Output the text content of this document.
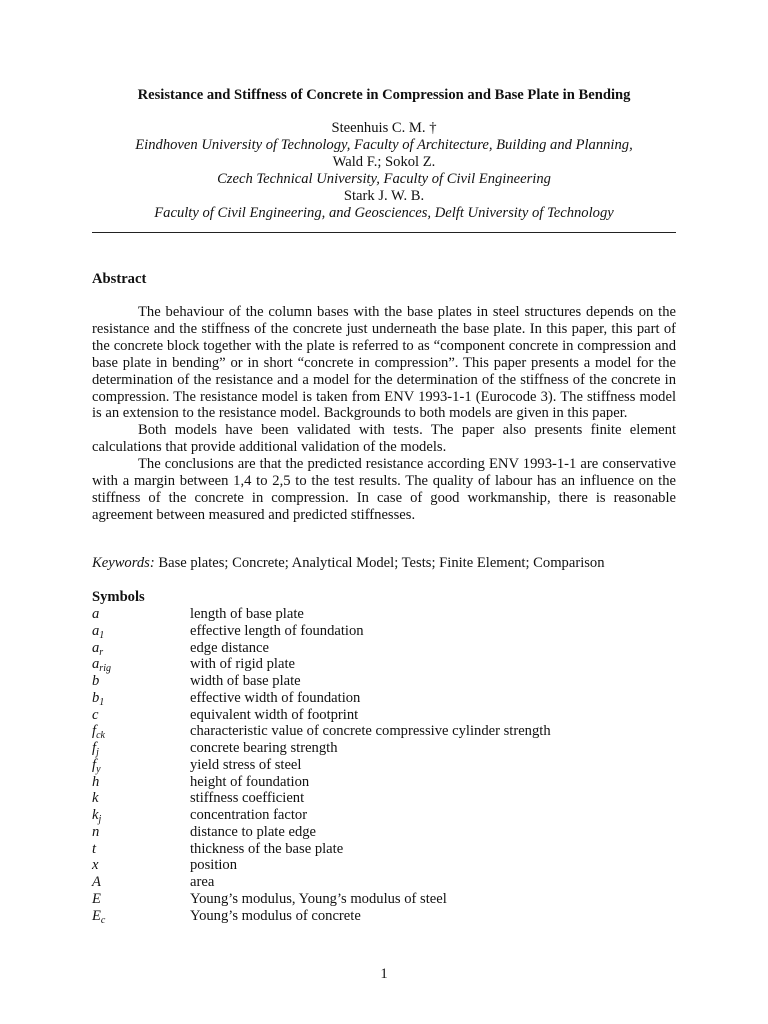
Resistance and Stiffness of Concrete in Compression and Base Plate in Bending
Steenhuis C. M. †
Eindhoven University of Technology, Faculty of Architecture, Building and Planning,
Wald F.; Sokol Z.
Czech Technical University, Faculty of Civil Engineering
Stark J. W. B.
Faculty of Civil Engineering, and Geosciences, Delft University of Technology
Abstract

The behaviour of the column bases with the base plates in steel structures depends on the resistance and the stiffness of the concrete just underneath the base plate. In this paper, this part of the concrete block together with the plate is referred to as “component concrete in compression and base plate in bending” or in short “concrete in compression”. This paper presents a model for the determination of the resistance and a model for the determination of the stiffness of the concrete in compression. The resistance model is taken from ENV 1993-1-1 (Eurocode 3). The stiffness model is an extension to the resistance model. Backgrounds to both models are given in this paper.

Both models have been validated with tests. The paper also presents finite element calculations that provide additional validation of the models.

The conclusions are that the predicted resistance according ENV 1993-1-1 are conservative with a margin between 1,4 to 2,5 to the test results. The quality of labour has an influence on the stiffness of the concrete in compression. In case of good workmanship, there is reasonable agreement between measured and predicted stiffnesses.

Keywords: Base plates; Concrete; Analytical Model; Tests; Finite Element; Comparison
Symbols
a	length of base plate
$a_1$	effective length of foundation
$a_r$	edge distance
$a_{rig}$	with of rigid plate
b	width of base plate
$b_1$	effective width of foundation
c	equivalent width of footprint
$f_{ck}$	characteristic value of concrete compressive cylinder strength
$f_j$	concrete bearing strength
$f_y$	yield stress of steel
h	height of foundation
k	stiffness coefficient
$k_j$	concentration factor
n	distance to plate edge
t	thickness of the base plate
x	position
A	area
E	Young’s modulus, Young’s modulus of steel
$E_c$	Young’s modulus of concrete
1
